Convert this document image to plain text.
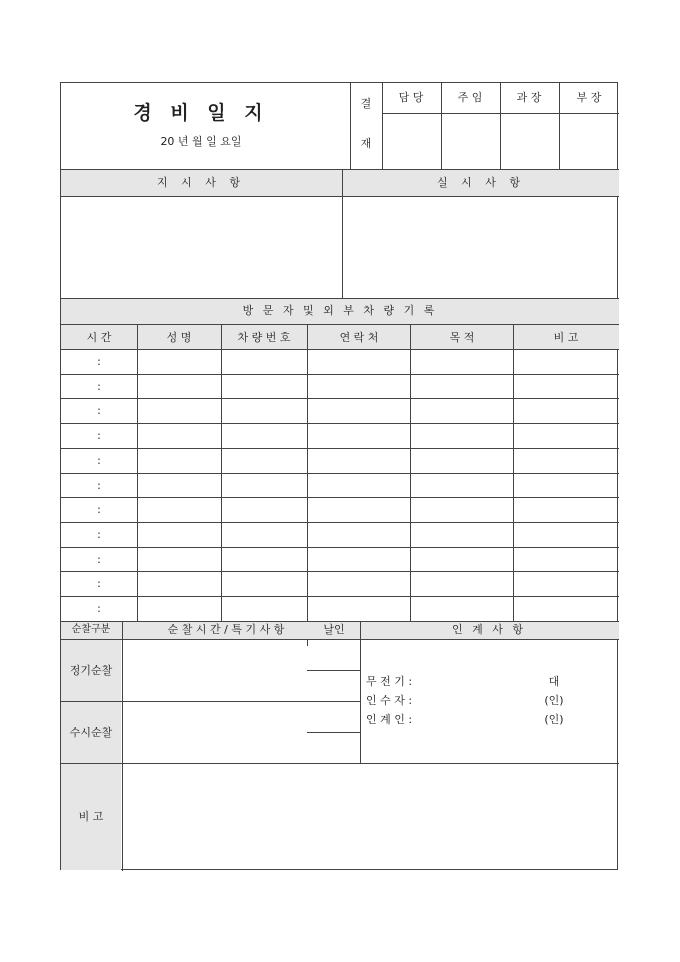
경 비 일 지
20 년 월 일 요일
결
재
담 당	주 임	과 장	부 장
지 시 사 항	실 시 사 항
방 문 자 및 외 부 차 량 기 록
시 간	성 명	차 량 번 호	연 락 처	목 적	비 고
:
:
:
:
:
:
:
:
:
:
:
순찰구분	순 찰 시 간 / 특 기 사 항	날인	인 계 사 항
정기순찰
수시순찰
무 전 기 :	대
인 수 자 :	(인)
인 계 인 :	(인)
비 고
